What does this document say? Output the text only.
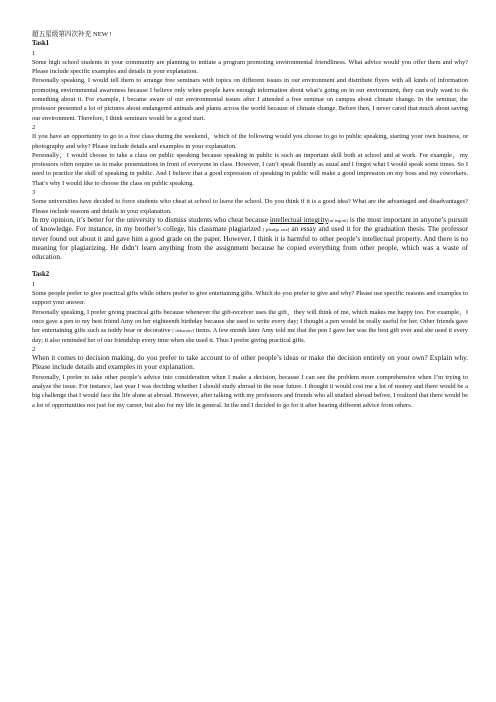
超五星级第四次补充 NEW !

Task1

1

Some high school students in your community are planning to initiate a program promoting environmental friendliness. What advice would you offer them and why? Please include specific examples and details in your explanation.

Personally speaking, I would tell them to arrange free seminars with topics on different issues in our environment and distribute flyers with all kinds of information promoting environmental awareness because I believe only when people have enough information about what’s going on in our environment, they can truly want to do something about it. For example, I became aware of our environmental issues after I attended a free seminar on campus about climate change. In the seminar, the professor presented a lot of pictures about endangered animals and plants across the world because of climate change. Before then, I never cared that much about saving our environment. Therefore, I think seminars would be a good start.

2

If you have an opportunity to go to a free class during the weekend，which of the following would you choose to go to public speaking, starting your own business, or photography and why? Please include details and examples in your explanation.

Personally，I would choose to take a class on public speaking because speaking in public is such an important skill both at school and at work. For example，my professors often require us to make presentations in front of everyone in class. However, I can’t speak fluently as usual and I forgot what I would speak some times. So I need to practice the skill of speaking in public. And I believe that a good expression of speaking in public will make a good impression on my boss and my coworkers. That’s why I would like to choose the class on public speaking.

3

Some universities have decided to force students who cheat at school to leave the school. Do you think if it is a good idea? What are the advantaged and disadvantages? Please include reasons and details in your explanation.

In my opinion, it’s better for the university to dismiss students who cheat because intellectual integrity[ɪnˈtegrətɪ] is the most important in anyone’s pursuit of knowledge. For instance, in my brother’s college, his classmate plagiarized [ˈpleɪdʒəˌraɪz] an essay and used it for the graduation thesis. The professor never found out about it and gave him a good grade on the paper. However, I think it is harmful to other people’s intellectual property. And there is no meaning for plagiarizing. He didn’t learn anything from the assignment because he copied everything from other people, which was a waste of education.

Task2

1

Some people prefer to give practical gifts while others prefer to give entertaining gifts. Which do you prefer to give and why? Please use specific reasons and examples to support your answer.

Personally speaking, I prefer giving practical gifts because whenever the gift-receiver uses the gift，they will think of me, which makes me happy too. For example，I once gave a pen to my best friend Amy on her eighteenth birthday because she used to write every day; I thought a pen would be really useful for her. Other friends gave her entertaining gifts such as teddy bear or decorative [ˈdekərətɪv] items. A few month later Amy told me that the pen I gave her was the best gift ever and she used it every day; it also reminded her of our friendship every time when she used it. Thus I prefer giving practical gifts.

2

When it comes to decision making, do you prefer to take account to of other people’s ideas or make the decision entirely on your own? Explain why. Please include details and examples in your explanation.

Personally, I prefer to take other people’s advice into consideration when I make a decision, because I can see the problem more comprehensive when I’m trying to analyze the issue. For instance, last year I was deciding whether I should study abroad in the near future. I thought it would cost me a lot of money and there would be a big challenge that I would face the life alone at abroad. However, after talking with my professors and friends who all studied abroad before, I realized that there would be a lot of opportunities not just for my career, but also for my life in general. In the end I decided to go for it after hearing different advice from others.
